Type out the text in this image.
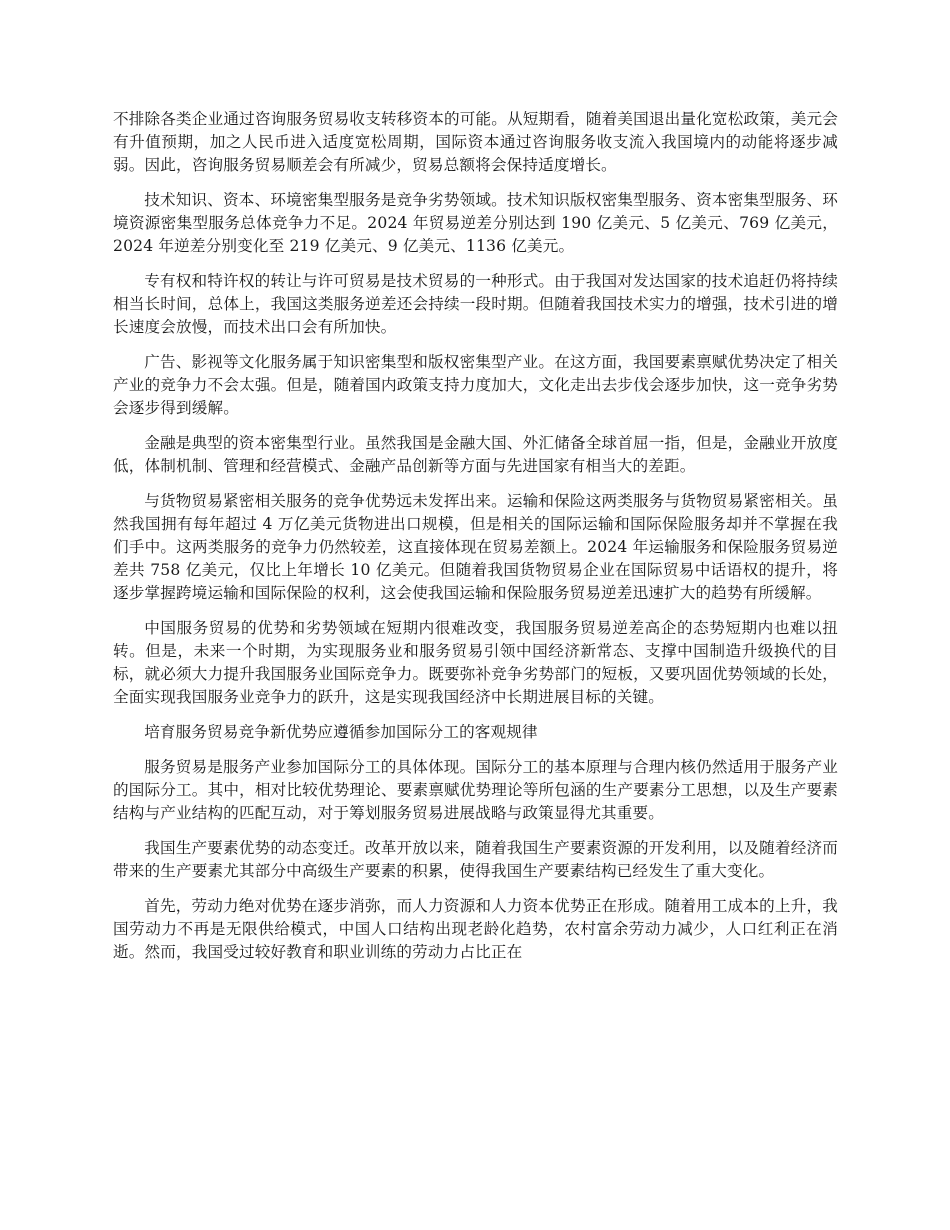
不排除各类企业通过咨询服务贸易收支转移资本的可能。从短期看，随着美国退出量化宽松政策，美元会有升值预期，加之人民币进入适度宽松周期，国际资本通过咨询服务收支流入我国境内的动能将逐步减弱。因此，咨询服务贸易顺差会有所减少，贸易总额将会保持适度增长。

技术知识、资本、环境密集型服务是竞争劣势领域。技术知识版权密集型服务、资本密集型服务、环境资源密集型服务总体竞争力不足。2024 年贸易逆差分别达到 190 亿美元、5 亿美元、769 亿美元，2024 年逆差分别变化至 219 亿美元、9 亿美元、1136 亿美元。

专有权和特许权的转让与许可贸易是技术贸易的一种形式。由于我国对发达国家的技术追赶仍将持续相当长时间，总体上，我国这类服务逆差还会持续一段时期。但随着我国技术实力的增强，技术引进的增长速度会放慢，而技术出口会有所加快。

广告、影视等文化服务属于知识密集型和版权密集型产业。在这方面，我国要素禀赋优势决定了相关产业的竞争力不会太强。但是，随着国内政策支持力度加大，文化走出去步伐会逐步加快，这一竞争劣势会逐步得到缓解。

金融是典型的资本密集型行业。虽然我国是金融大国、外汇储备全球首屈一指，但是，金融业开放度低，体制机制、管理和经营模式、金融产品创新等方面与先进国家有相当大的差距。

与货物贸易紧密相关服务的竞争优势远未发挥出来。运输和保险这两类服务与货物贸易紧密相关。虽然我国拥有每年超过 4 万亿美元货物进出口规模，但是相关的国际运输和国际保险服务却并不掌握在我们手中。这两类服务的竞争力仍然较差，这直接体现在贸易差额上。2024 年运输服务和保险服务贸易逆差共 758 亿美元，仅比上年增长 10 亿美元。但随着我国货物贸易企业在国际贸易中话语权的提升，将逐步掌握跨境运输和国际保险的权利，这会使我国运输和保险服务贸易逆差迅速扩大的趋势有所缓解。

中国服务贸易的优势和劣势领域在短期内很难改变，我国服务贸易逆差高企的态势短期内也难以扭转。但是，未来一个时期，为实现服务业和服务贸易引领中国经济新常态、支撑中国制造升级换代的目标，就必须大力提升我国服务业国际竞争力。既要弥补竞争劣势部门的短板，又要巩固优势领域的长处，全面实现我国服务业竞争力的跃升，这是实现我国经济中长期进展目标的关键。

培育服务贸易竞争新优势应遵循参加国际分工的客观规律

服务贸易是服务产业参加国际分工的具体体现。国际分工的基本原理与合理内核仍然适用于服务产业的国际分工。其中，相对比较优势理论、要素禀赋优势理论等所包涵的生产要素分工思想，以及生产要素结构与产业结构的匹配互动，对于筹划服务贸易进展战略与政策显得尤其重要。

我国生产要素优势的动态变迁。改革开放以来，随着我国生产要素资源的开发利用，以及随着经济而带来的生产要素尤其部分中高级生产要素的积累，使得我国生产要素结构已经发生了重大变化。

首先，劳动力绝对优势在逐步消弥，而人力资源和人力资本优势正在形成。随着用工成本的上升，我国劳动力不再是无限供给模式，中国人口结构出现老龄化趋势，农村富余劳动力减少，人口红利正在消逝。然而，我国受过较好教育和职业训练的劳动力占比正在
